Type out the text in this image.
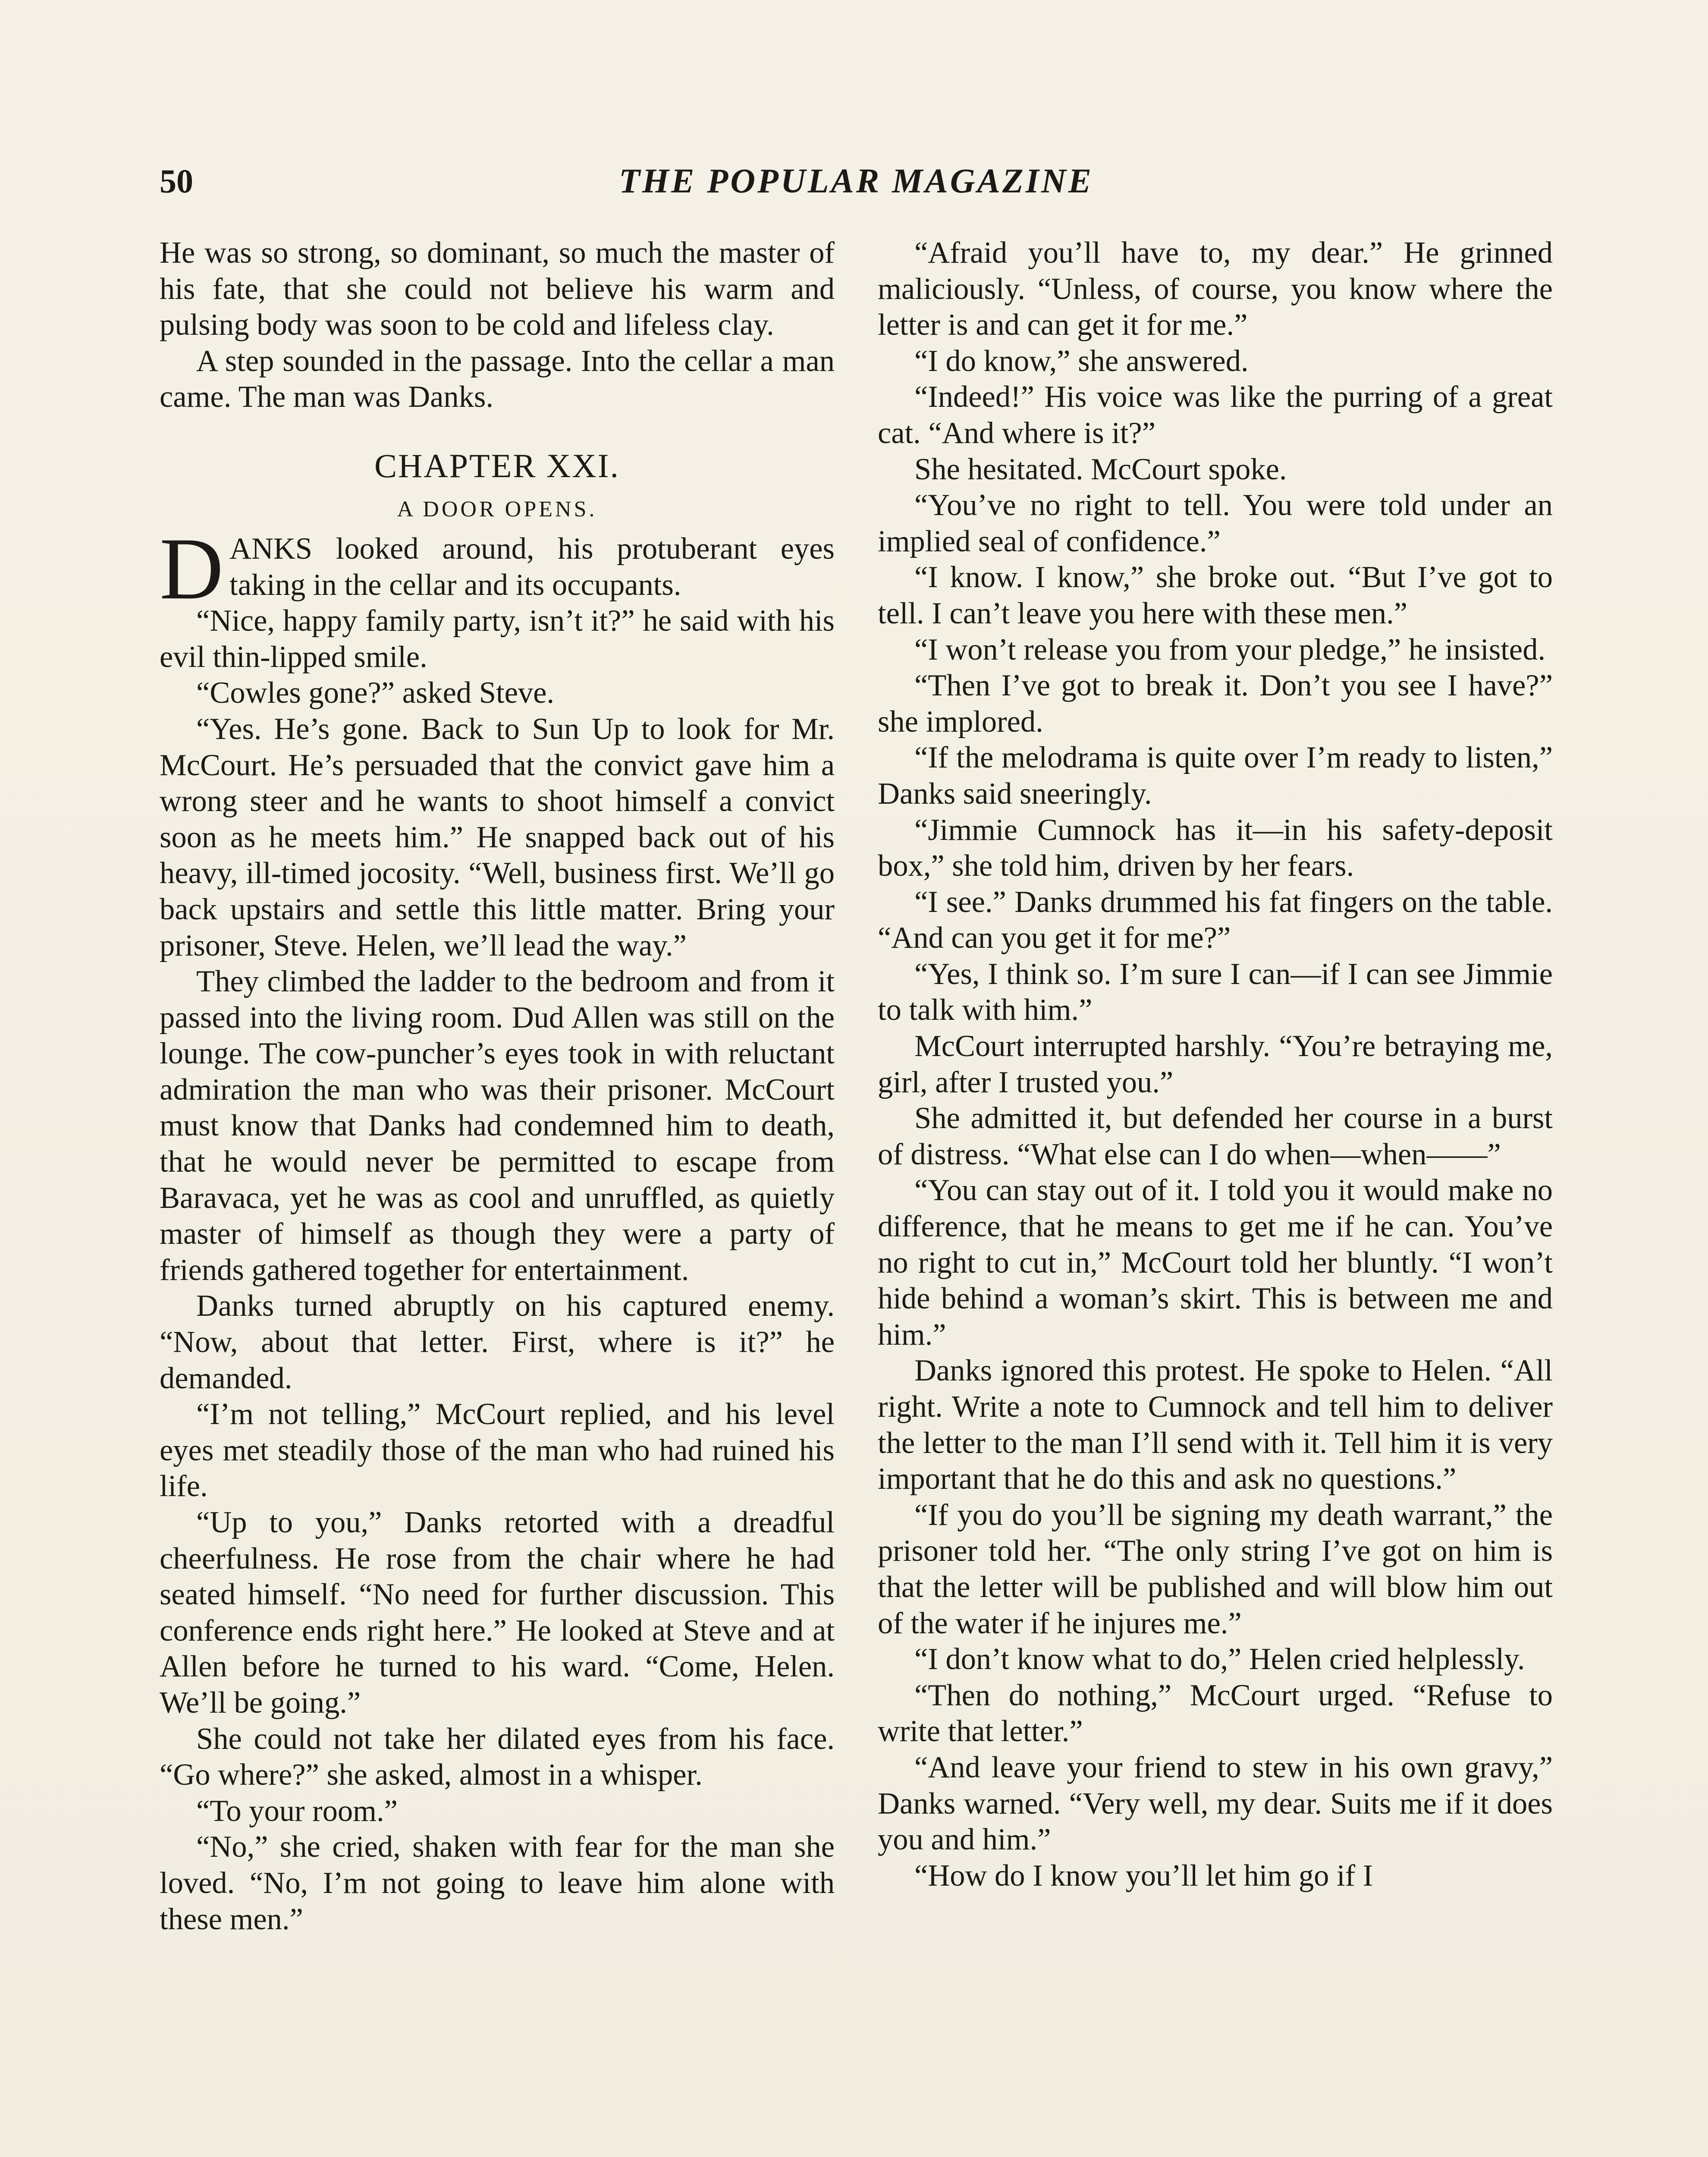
50	THE POPULAR MAGAZINE

He was so strong, so dominant, so much the master of his fate, that she could not believe his warm and pulsing body was soon to be cold and lifeless clay.

A step sounded in the passage. Into the cellar a man came. The man was Danks.

CHAPTER XXI.
A DOOR OPENS.

DANKS looked around, his protuberant eyes taking in the cellar and its occupants.

“Nice, happy family party, isn’t it?” he said with his evil thin-lipped smile.

“Cowles gone?” asked Steve.

“Yes. He’s gone. Back to Sun Up to look for Mr. McCourt. He’s persuaded that the convict gave him a wrong steer and he wants to shoot himself a convict soon as he meets him.” He snapped back out of his heavy, ill-timed jocosity. “Well, business first. We’ll go back upstairs and settle this little matter. Bring your prisoner, Steve. Helen, we’ll lead the way.”

They climbed the ladder to the bedroom and from it passed into the living room. Dud Allen was still on the lounge. The cow-puncher’s eyes took in with reluctant admiration the man who was their prisoner. McCourt must know that Danks had condemned him to death, that he would never be permitted to escape from Baravaca, yet he was as cool and unruffled, as quietly master of himself as though they were a party of friends gathered together for entertainment.

Danks turned abruptly on his captured enemy. “Now, about that letter. First, where is it?” he demanded.

“I’m not telling,” McCourt replied, and his level eyes met steadily those of the man who had ruined his life.

“Up to you,” Danks retorted with a dreadful cheerfulness. He rose from the chair where he had seated himself. “No need for further discussion. This conference ends right here.” He looked at Steve and at Allen before he turned to his ward. “Come, Helen. We’ll be going.”

She could not take her dilated eyes from his face. “Go where?” she asked, almost in a whisper.

“To your room.”

“No,” she cried, shaken with fear for the man she loved. “No, I’m not going to leave him alone with these men.”

“Afraid you’ll have to, my dear.” He grinned maliciously. “Unless, of course, you know where the letter is and can get it for me.”

“I do know,” she answered.

“Indeed!” His voice was like the purring of a great cat. “And where is it?”

She hesitated. McCourt spoke.

“You’ve no right to tell. You were told under an implied seal of confidence.”

“I know. I know,” she broke out. “But I’ve got to tell. I can’t leave you here with these men.”

“I won’t release you from your pledge,” he insisted.

“Then I’ve got to break it. Don’t you see I have?” she implored.

“If the melodrama is quite over I’m ready to listen,” Danks said sneeringly.

“Jimmie Cumnock has it—in his safety-deposit box,” she told him, driven by her fears.

“I see.” Danks drummed his fat fingers on the table. “And can you get it for me?”

“Yes, I think so. I’m sure I can—if I can see Jimmie to talk with him.”

McCourt interrupted harshly. “You’re betraying me, girl, after I trusted you.”

She admitted it, but defended her course in a burst of distress. “What else can I do when—when——”

“You can stay out of it. I told you it would make no difference, that he means to get me if he can. You’ve no right to cut in,” McCourt told her bluntly. “I won’t hide behind a woman’s skirt. This is between me and him.”

Danks ignored this protest. He spoke to Helen. “All right. Write a note to Cumnock and tell him to deliver the letter to the man I’ll send with it. Tell him it is very important that he do this and ask no questions.”

“If you do you’ll be signing my death warrant,” the prisoner told her. “The only string I’ve got on him is that the letter will be published and will blow him out of the water if he injures me.”

“I don’t know what to do,” Helen cried helplessly.

“Then do nothing,” McCourt urged. “Refuse to write that letter.”

“And leave your friend to stew in his own gravy,” Danks warned. “Very well, my dear. Suits me if it does you and him.”

“How do I know you’ll let him go if I
